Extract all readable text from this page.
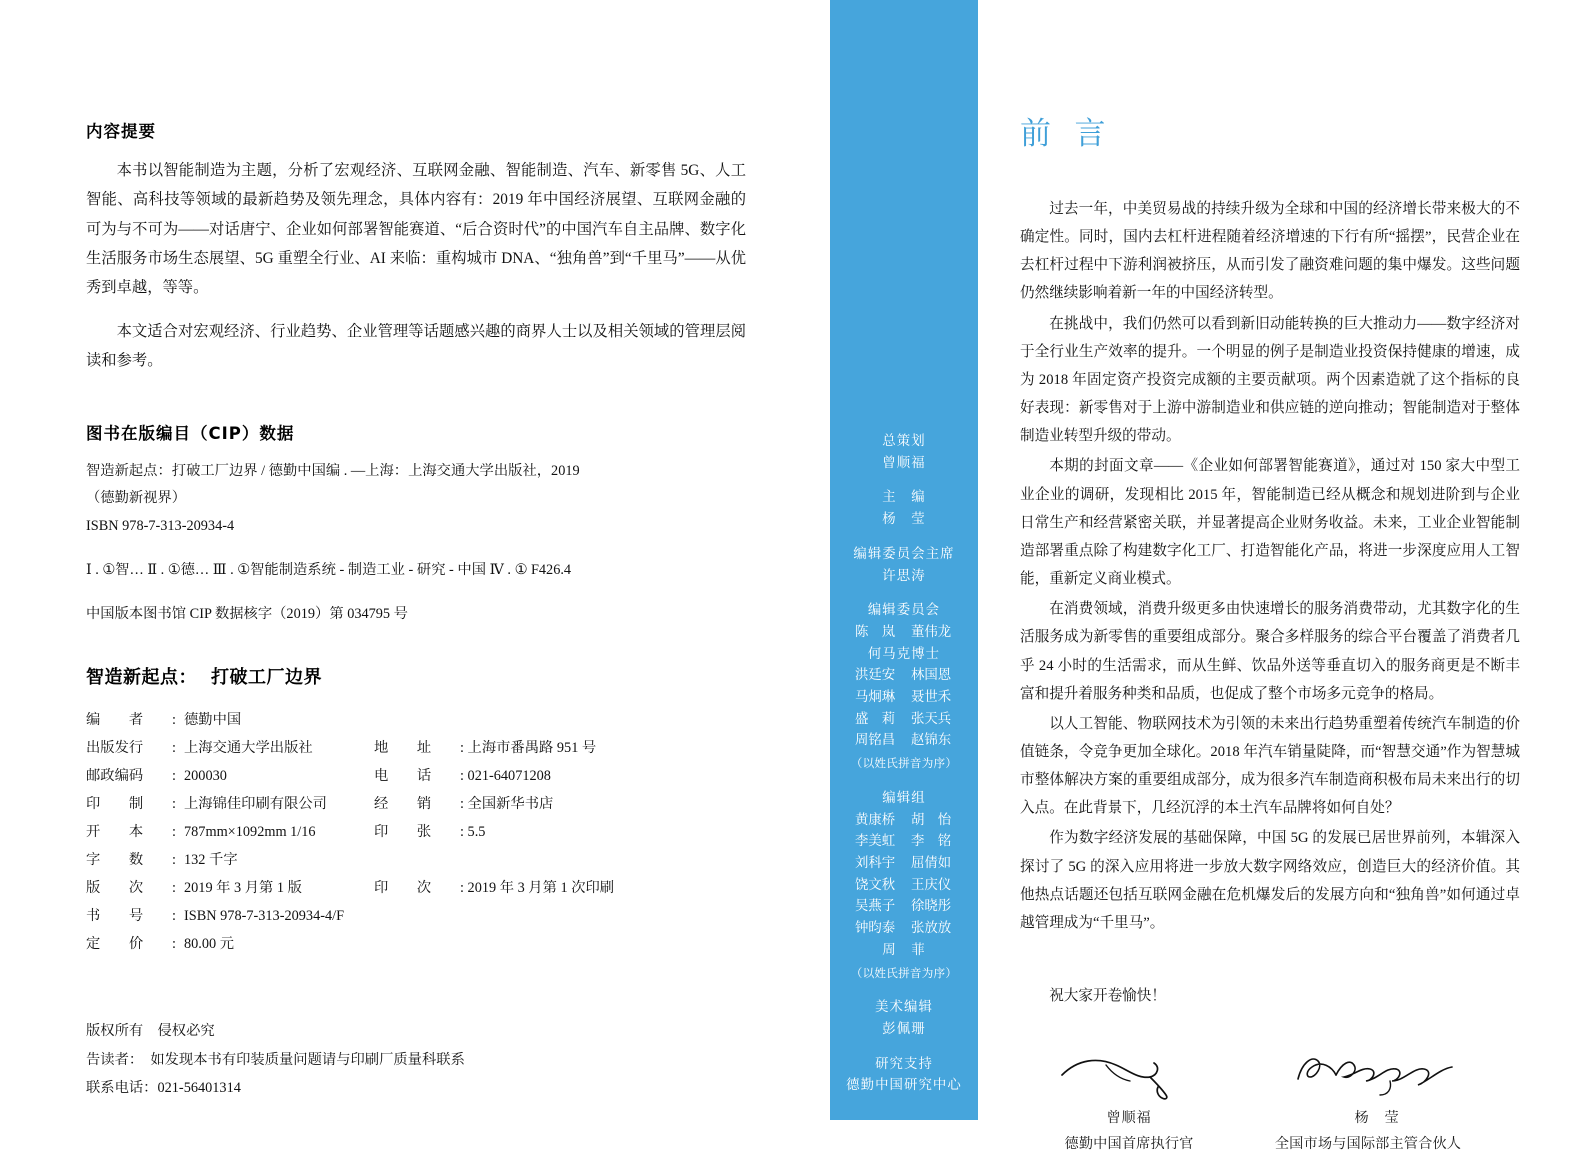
内容提要

本书以智能制造为主题，分析了宏观经济、互联网金融、智能制造、汽车、新零售 5G、人工智能、高科技等领域的最新趋势及领先理念，具体内容有：2019 年中国经济展望、互联网金融的可为与不可为——对话唐宁、企业如何部署智能赛道、“后合资时代”的中国汽车自主品牌、数字化生活服务市场生态展望、5G 重塑全行业、AI 来临：重构城市 DNA、“独角兽”到“千里马”——从优秀到卓越，等等。

本文适合对宏观经济、行业趋势、企业管理等话题感兴趣的商界人士以及相关领域的管理层阅读和参考。

图书在版编目（CIP）数据

智造新起点：打破工厂边界 / 德勤中国编 . —上海：上海交通大学出版社，2019

（德勤新视界）

ISBN 978-7-313-20934-4

Ⅰ . ①智… Ⅱ . ①德… Ⅲ . ①智能制造系统 - 制造工业 - 研究 - 中国 Ⅳ . ① F426.4

中国版本图书馆 CIP 数据核字（2019）第 034795 号

智造新起点： 打破工厂边界
编　　者	:	德勤中国		
出版发行	:	上海交通大学出版社	地　　址	: 上海市番禺路 951 号
邮政编码	:	200030	电　　话	: 021-64071208
印　　制	:	上海锦佳印刷有限公司	经　　销	: 全国新华书店
开　　本	:	787mm×1092mm 1/16	印　　张	: 5.5
字　　数	:	132 千字		
版　　次	:	2019 年 3 月第 1 版	印　　次	: 2019 年 3 月第 1 次印刷
书　　号	:	ISBN 978-7-313-20934-4/F		
定　　价	:	80.00 元		

版权所有　侵权必究

告读者：　如发现本书有印装质量问题请与印刷厂质量科联系

联系电话：021-56401314

总策划
曾顺福
主　编
杨　莹
编辑委员会主席
许思涛
编辑委员会
陈　岚 董伟龙
何马克博士
洪廷安 林国恩
马炯琳 聂世禾
盛　莉 张天兵
周铭昌 赵锦东
（以姓氏拼音为序）
编辑组
黄康桥 胡　怡
李美虹 李　铭
刘科宇 屈倩如
饶文秋 王庆仪
吴燕子 徐晓彤
钟昀泰 张放放
周　菲
（以姓氏拼音为序）
美术编辑
彭佩珊
研究支持
德勤中国研究中心
前 言

过去一年，中美贸易战的持续升级为全球和中国的经济增长带来极大的不确定性。同时，国内去杠杆进程随着经济增速的下行有所“摇摆”，民营企业在去杠杆过程中下游利润被挤压，从而引发了融资难问题的集中爆发。这些问题仍然继续影响着新一年的中国经济转型。

在挑战中，我们仍然可以看到新旧动能转换的巨大推动力——数字经济对于全行业生产效率的提升。一个明显的例子是制造业投资保持健康的增速，成为 2018 年固定资产投资完成额的主要贡献项。两个因素造就了这个指标的良好表现：新零售对于上游中游制造业和供应链的逆向推动；智能制造对于整体制造业转型升级的带动。

本期的封面文章——《企业如何部署智能赛道》，通过对 150 家大中型工业企业的调研，发现相比 2015 年，智能制造已经从概念和规划进阶到与企业日常生产和经营紧密关联，并显著提高企业财务收益。未来，工业企业智能制造部署重点除了构建数字化工厂、打造智能化产品，将进一步深度应用人工智能，重新定义商业模式。

在消费领域，消费升级更多由快速增长的服务消费带动，尤其数字化的生活服务成为新零售的重要组成部分。聚合多样服务的综合平台覆盖了消费者几乎 24 小时的生活需求，而从生鲜、饮品外送等垂直切入的服务商更是不断丰富和提升着服务种类和品质，也促成了整个市场多元竞争的格局。

以人工智能、物联网技术为引领的未来出行趋势重塑着传统汽车制造的价值链条，令竞争更加全球化。2018 年汽车销量陡降，而“智慧交通”作为智慧城市整体解决方案的重要组成部分，成为很多汽车制造商积极布局未来出行的切入点。在此背景下，几经沉浮的本土汽车品牌将如何自处？

作为数字经济发展的基础保障，中国 5G 的发展已居世界前列，本辑深入探讨了 5G 的深入应用将进一步放大数字网络效应，创造巨大的经济价值。其他热点话题还包括互联网金融在危机爆发后的发展方向和“独角兽”如何通过卓越管理成为“千里马”。

祝大家开卷愉快！

曾顺福
德勤中国首席执行官
杨　莹
全国市场与国际部主管合伙人
